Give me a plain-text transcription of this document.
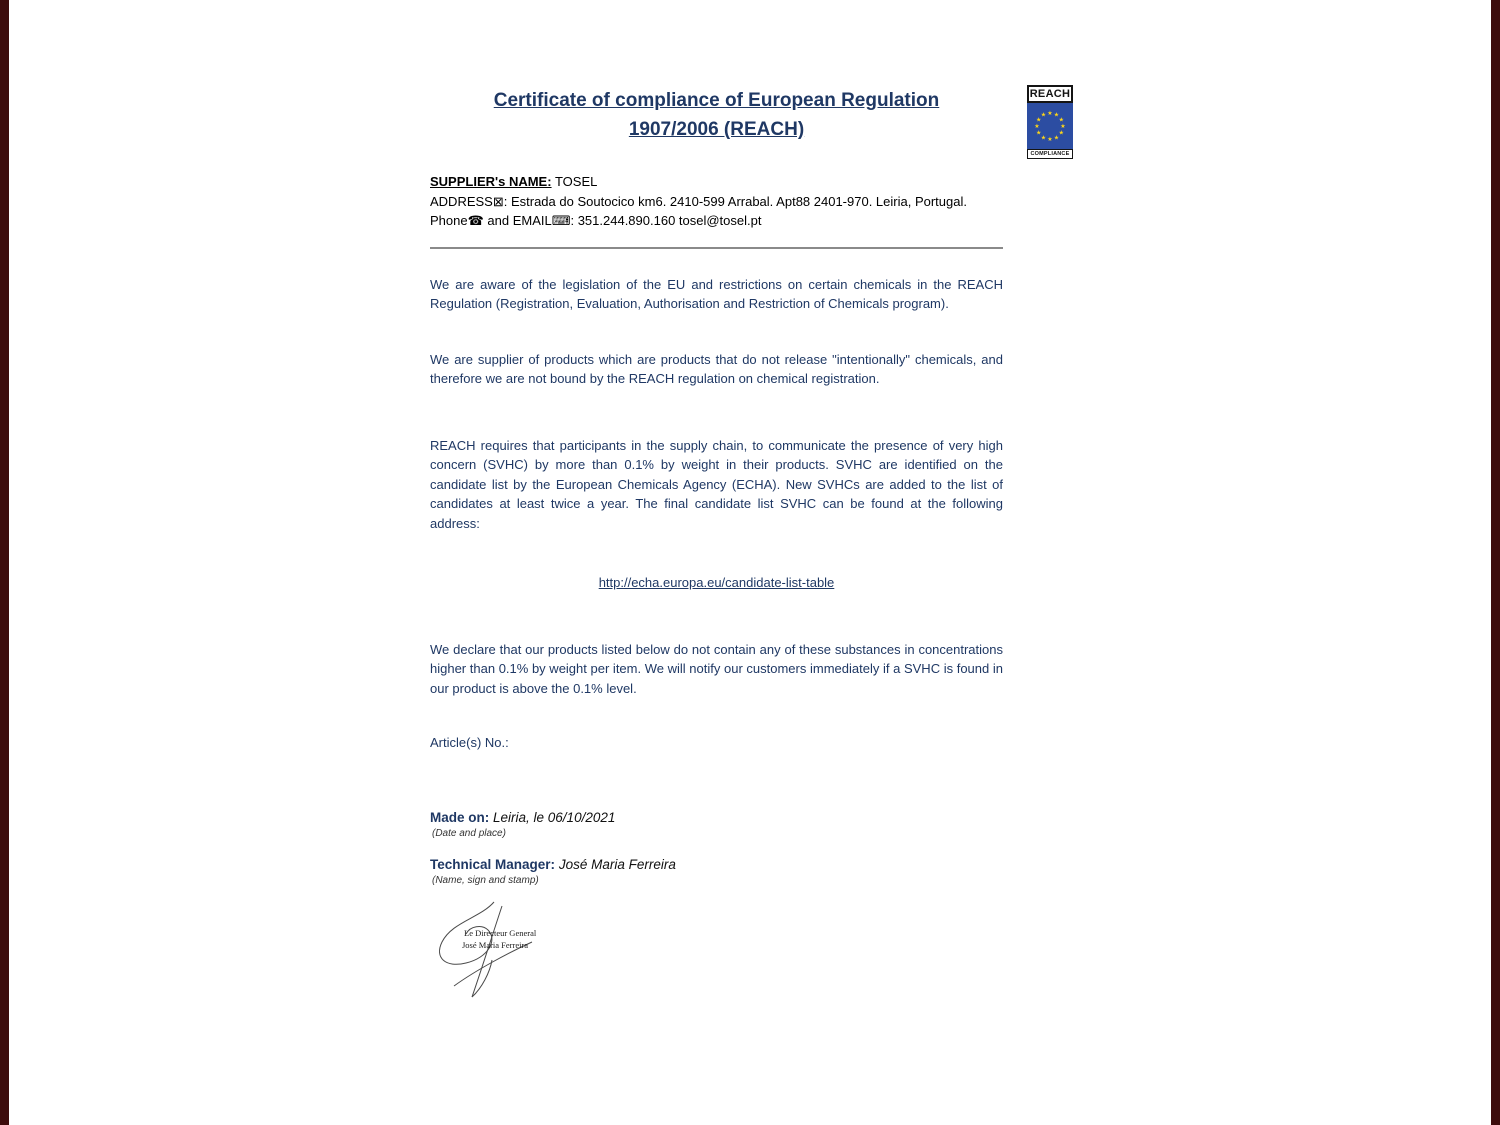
REACH
★ ★
★
★
★
★
★
★
★
★
★
★
COMPLIANCE
Certificate of compliance of European Regulation
1907/2006 (REACH)

SUPPLIER's NAME: TOSEL

ADDRESS⊠: Estrada do Soutocico km6. 2410-599 Arrabal. Apt88 2401-970. Leiria, Portugal.

Phone☎ and EMAIL⌨: 351.244.890.160 tosel@tosel.pt

We are aware of the legislation of the EU and restrictions on certain chemicals in the REACH Regulation (Registration, Evaluation, Authorisation and Restriction of Chemicals program).

We are supplier of products which are products that do not release "intentionally" chemicals, and therefore we are not bound by the REACH regulation on chemical registration.

REACH requires that participants in the supply chain, to communicate the presence of very high concern (SVHC) by more than 0.1% by weight in their products. SVHC are identified on the candidate list by the European Chemicals Agency (ECHA). New SVHCs are added to the list of candidates at least twice a year. The final candidate list SVHC can be found at the following address:

http://echa.europa.eu/candidate-list-table

We declare that our products listed below do not contain any of these substances in concentrations higher than 0.1% by weight per item. We will notify our customers immediately if a SVHC is found in our product is above the 0.1% level.

Article(s) No.:

Made on: Leiria, le 06/10/2021

(Date and place)

Technical Manager: José Maria Ferreira

(Name, sign and stamp)

Le Directeur General
José Maria Ferreira
